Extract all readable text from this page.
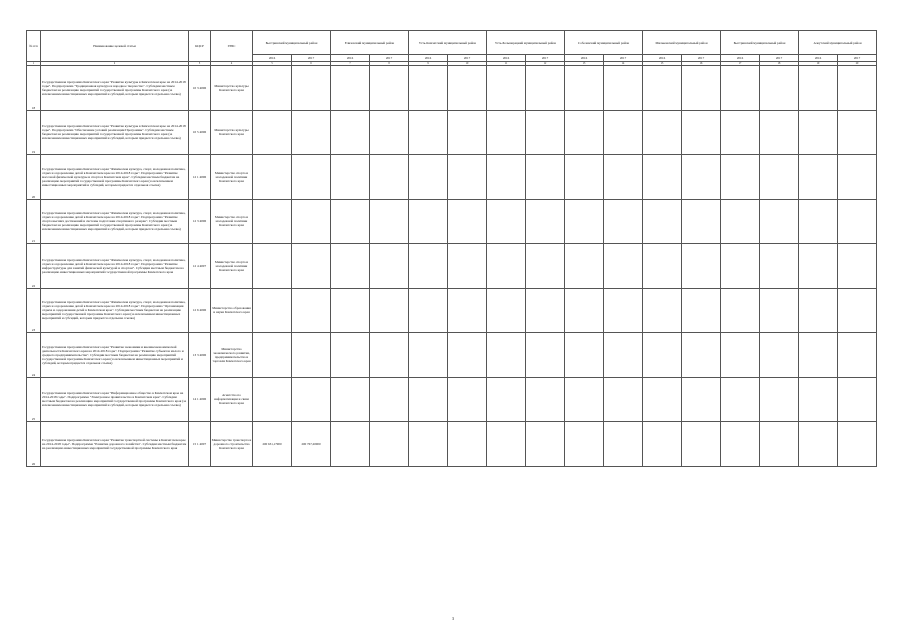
№ п/п	Наименование целевой статьи	КЦСР	ГРБС	Быстринский муниципальный район		Елизовский муниципальный район		Усть-Камчатский муниципальный район		Усть-Большерецкий муниципальный район		Соболевский муниципальный район		Мильковский муниципальный район		Быстринский муниципальный район		Алеутский муниципальный район	
				2016	2017	2016	2017	2016	2017	2016	2017	2016	2017	2016	2017	2016	2017	2016	2017
1	2	3	4	5	6	7	8	9	10	11	12	13	14	15	16	17	18	19	20
18	Государственная программа Камчатского края "Развитие культуры в Камчатском крае на 2014-2018 годы". Подпрограмма "Традиционная культура и народное творчество". Субсидии местным бюджетам на реализацию мероприятий государственной программы Камчатского края (за исключением инвестиционных мероприятий и субсидий, которым придается отдельная ссылка)	10 3 4006	Министерство культуры Камчатского края																
19	Государственная программа Камчатского края "Развитие культуры в Камчатском крае на 2014-2018 годы". Подпрограмма "Обеспечение условий реализации Программы". Субсидии местным бюджетам на реализацию мероприятий государственной программы Камчатского края (за исключением инвестиционных мероприятий и субсидий, которым придается отдельная ссылка)	10 5 4006	Министерство культуры Камчатского края																
20	Государственная программа Камчатского края "Физическая культура, спорт, молодежная политика, отдых и оздоровление детей в Камчатском крае на 2014-2018 годы". Подпрограмма "Развитие массовой физической культуры и спорта в Камчатском крае". Субсидии местным бюджетам на реализацию мероприятий государственной программы Камчатского края (за исключением инвестиционных мероприятий и субсидий, которым придается отдельная ссылка)	12 1 4006	Министерство спорта и молодежной политики Камчатского края																
21	Государственная программа Камчатского края "Физическая культура, спорт, молодежная политика, отдых и оздоровление детей в Камчатском крае на 2014-2018 годы". Подпрограмма "Развитие спорта высших достижений и системы подготовки спортивного резерва". Субсидии местным бюджетам на реализацию мероприятий государственной программы Камчатского края (за исключением инвестиционных мероприятий и субсидий, которым придается отдельная ссылка)	12 3 4006	Министерство спорта и молодежной политики Камчатского края																
22	Государственная программа Камчатского края "Физическая культура, спорт, молодежная политика, отдых и оздоровление детей в Камчатском крае на 2014-2018 годы". Подпрограмма "Развитие инфраструктуры для занятий физической культурой и спортом". Субсидии местным бюджетам на реализацию инвестиционных мероприятий государственной программы Камчатского края	12 4 4007	Министерство спорта и молодежной политики Камчатского края																
23	Государственная программа Камчатского края "Физическая культура, спорт, молодежная политика, отдых и оздоровление детей в Камчатском крае на 2014-2018 годы". Подпрограмма "Организация отдыха и оздоровления детей в Камчатском крае". Субсидии местным бюджетам на реализацию мероприятий государственной программы Камчатского края (за исключением инвестиционных мероприятий и субсидий, которым придается отдельная ссылка)	12 6 4006	Министерство образования и науки Камчатского края																
24	Государственная программа Камчатского края "Развитие экономики и внешнеэкономической деятельности Камчатского края на 2014-2018 годы". Подпрограмма "Развитие субъектов малого и среднего предпринимательства". Субсидии местным бюджетам на реализацию мероприятий государственной программы Камчатского края (за исключением инвестиционных мероприятий и субсидий, которым придается отдельная ссылка)	13 3 4006	Министерство экономического развития, предпринимательства и торговли Камчатского края																
25	Государственная программа Камчатского края "Информационное общество в Камчатском крае на 2014-2018 годы". Подпрограмма "Электронное правительство в Камчатском крае". Субсидии местным бюджетам на реализацию мероприятий государственной программы Камчатского края (за исключением инвестиционных мероприятий и субсидий, которым придается отдельная ссылка)	14 1 4006	Агентство по информатизации и связи Камчатского края																
26	Государственная программа Камчатского края "Развитие транспортной системы в Камчатском крае на 2014-2018 годы". Подпрограмма "Развитие дорожного хозяйства". Субсидии местным бюджетам на реализацию инвестиционных мероприятий государственной программы Камчатского края	15 1 4007	Министерство транспорта и дорожного строительства Камчатского края	200 631,17900	200 767,20000														
3
